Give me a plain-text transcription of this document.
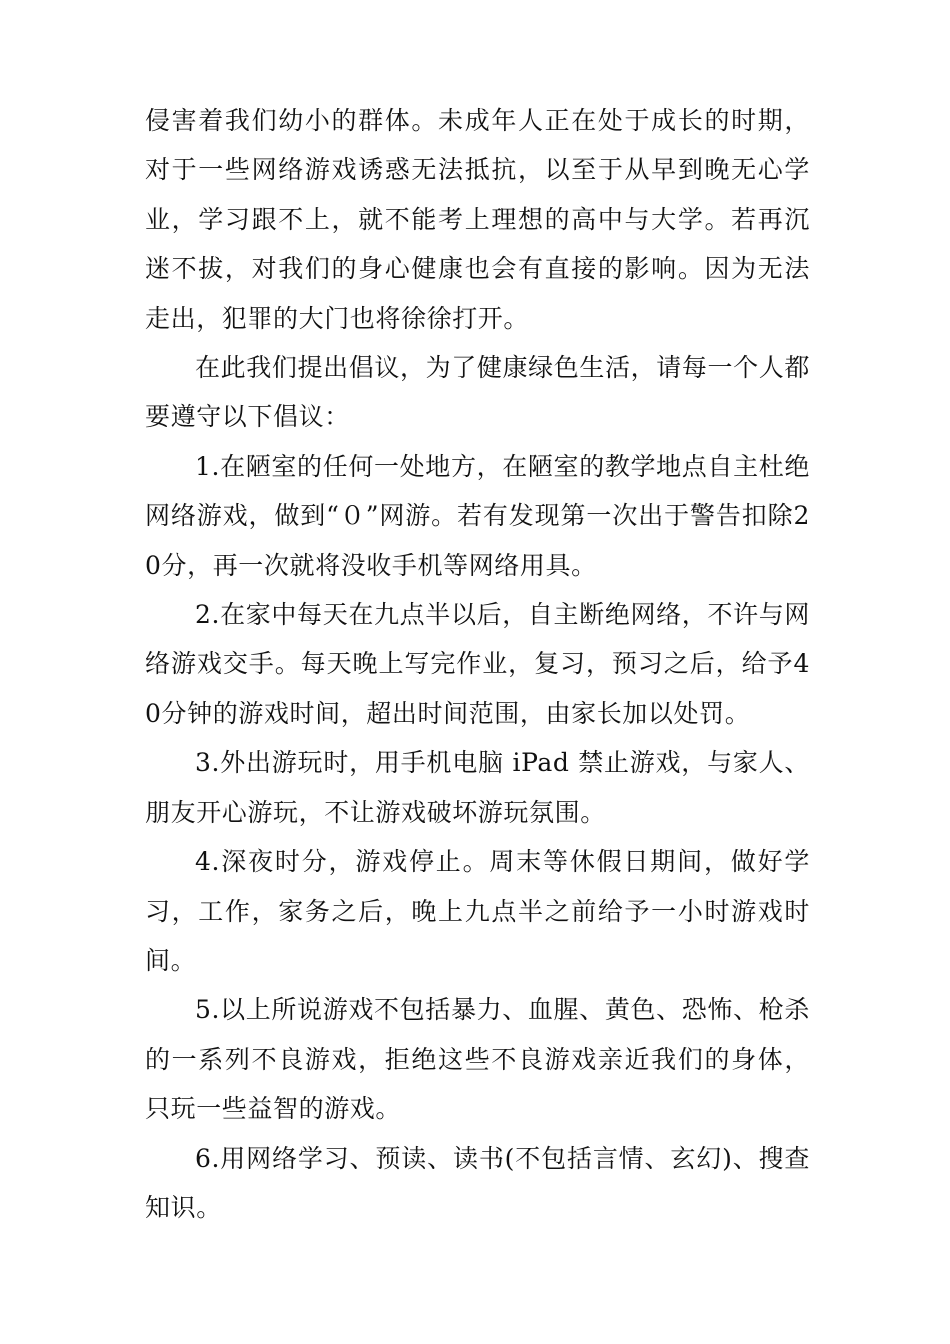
侵害着我们幼小的群体。未成年人正在处于成长的时期，对于一些网络游戏诱惑无法抵抗，以至于从早到晚无心学业，学习跟不上，就不能考上理想的高中与大学。若再沉迷不拔，对我们的身心健康也会有直接的影响。因为无法走出，犯罪的大门也将徐徐打开。

在此我们提出倡议，为了健康绿色生活，请每一个人都要遵守以下倡议：

1.在陋室的任何一处地方，在陋室的教学地点自主杜绝网络游戏，做到“０”网游。若有发现第一次出于警告扣除20分，再一次就将没收手机等网络用具。

2.在家中每天在九点半以后，自主断绝网络，不许与网络游戏交手。每天晚上写完作业，复习，预习之后，给予40分钟的游戏时间，超出时间范围，由家长加以处罚。

3.外出游玩时，用手机电脑 iPad 禁止游戏，与家人、朋友开心游玩，不让游戏破坏游玩氛围。

4.深夜时分，游戏停止。周末等休假日期间，做好学习，工作，家务之后，晚上九点半之前给予一小时游戏时间。

5.以上所说游戏不包括暴力、血腥、黄色、恐怖、枪杀的一系列不良游戏，拒绝这些不良游戏亲近我们的身体，只玩一些益智的游戏。

6.用网络学习、预读、读书(不包括言情、玄幻)、搜查知识。
